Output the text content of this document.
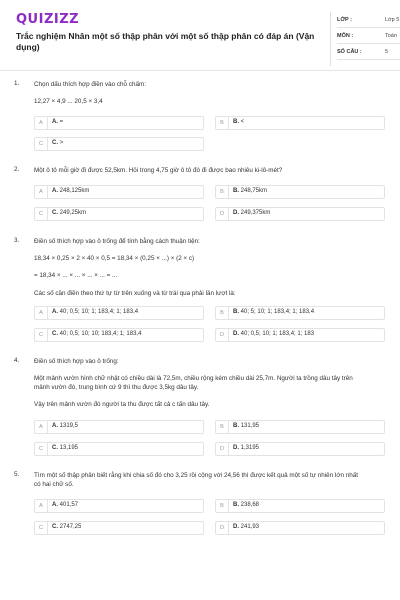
QUIZIZZ
Trắc nghiệm Nhân một số thập phân với một số thập phân có đáp án (Vận dụng)
LỚP :	Lớp 5
MÔN :	Toán
SỐ CÂU :	5
1. Chọn dấu thích hợp điền vào chỗ chấm:
12,27 × 4,9 ... 20,5 × 3,4
A	A. =	B	B. <
C	C. >
2. Một ô tô mỗi giờ đi được 52,5km. Hỏi trong 4,75 giờ ô tô đó đi được bao nhiêu ki-lô-mét?
A	A. 248,125km	B	B. 248,75km
C	C. 249,25km	D	D. 249,375km
3. Điền số thích hợp vào ô trống để tính bằng cách thuận tiện:
18,34 × 0,25 × 2 × 40 × 0,5 = 18,34 × (0,25 × ...) × (2 × c)
= 18,34 × ... × ... × ... × ... = ...
Các số cần điền theo thứ tự từ trên xuống và từ trái qua phải lần lượt là:
A	A. 40; 0,5; 10; 1; 183,4; 1; 183,4	B	B. 40; 5; 10; 1; 183,4; 1; 183,4
C	C. 40; 0,5; 10; 10; 183,4; 1; 183,4	D	D. 40; 0,5; 10; 1; 183,4; 1; 183
4. Điền số thích hợp vào ô trống:
Một mảnh vườn hình chữ nhật có chiều dài là 72,5m, chiều rộng kém chiều dài 25,7m. Người ta trồng dâu tây trên
mảnh vườn đó, trung bình cứ 9 thì thu được 3,5kg dâu tây.
Vậy trên mảnh vườn đó người ta thu được tất cả c tấn dâu tây.
A	A. 1319,5	B	B. 131,95
C	C. 13,195	D	D. 1,3195
5. Tìm một số thập phân biết rằng khi chia số đó cho 3,25 rồi cộng với 24,56 thì được kết quả một số tự nhiên lớn nhất
có hai chữ số.
A	A. 401,57	B	B. 238,68
C	C. 2747,25	D	D. 241,93
